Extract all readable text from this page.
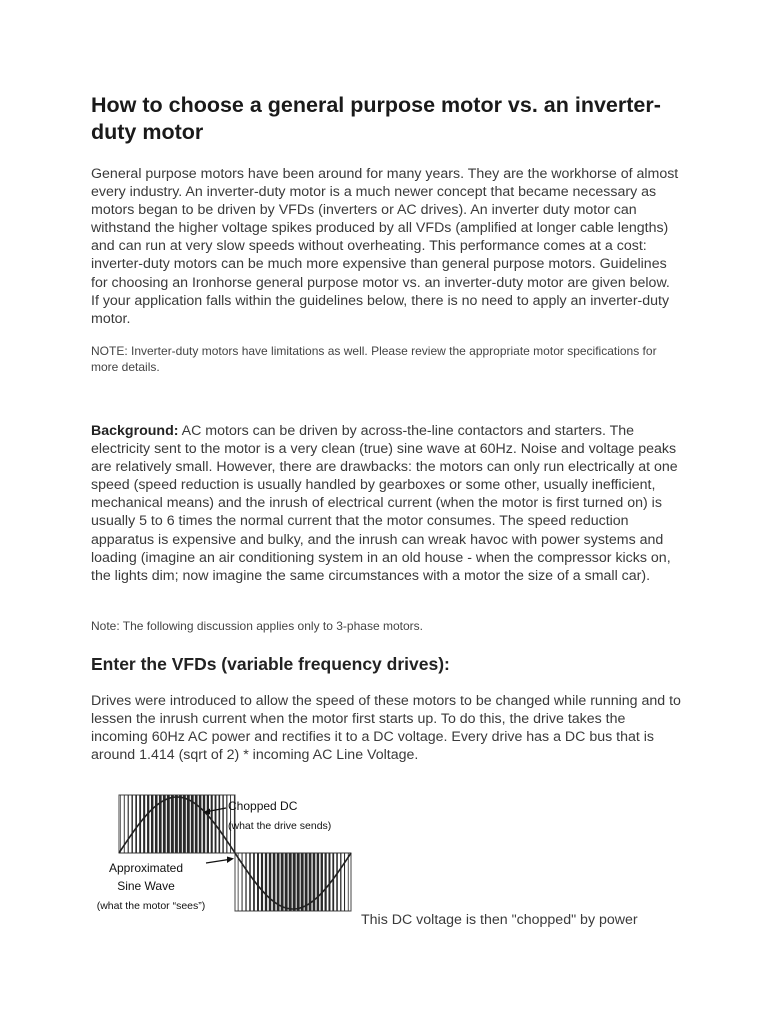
How to choose a general purpose motor vs. an inverter-duty motor

General purpose motors have been around for many years. They are the workhorse of almost every industry. An inverter-duty motor is a much newer concept that became necessary as motors began to be driven by VFDs (inverters or AC drives). An inverter duty motor can withstand the higher voltage spikes produced by all VFDs (amplified at longer cable lengths) and can run at very slow speeds without overheating. This performance comes at a cost: inverter-duty motors can be much more expensive than general purpose motors. Guidelines for choosing an Ironhorse general purpose motor vs. an inverter-duty motor are given below. If your application falls within the guidelines below, there is no need to apply an inverter-duty motor.

NOTE: Inverter-duty motors have limitations as well. Please review the appropriate motor specifications for more details.

Background: AC motors can be driven by across-the-line contactors and starters. The electricity sent to the motor is a very clean (true) sine wave at 60Hz. Noise and voltage peaks are relatively small. However, there are drawbacks: the motors can only run electrically at one speed (speed reduction is usually handled by gearboxes or some other, usually inefficient, mechanical means) and the inrush of electrical current (when the motor is first turned on) is usually 5 to 6 times the normal current that the motor consumes. The speed reduction apparatus is expensive and bulky, and the inrush can wreak havoc with power systems and loading (imagine an air conditioning system in an old house - when the compressor kicks on, the lights dim; now imagine the same circumstances with a motor the size of a small car).

Note: The following discussion applies only to 3-phase motors.

Enter the VFDs (variable frequency drives):

Drives were introduced to allow the speed of these motors to be changed while running and to lessen the inrush current when the motor first starts up. To do this, the drive takes the incoming 60Hz AC power and rectifies it to a DC voltage. Every drive has a DC bus that is around 1.414 (sqrt of 2) * incoming AC Line Voltage.

Chopped DC
(what the drive sends)
Approximated
Sine Wave
(what the motor “sees”)

This DC voltage is then "chopped" by power
